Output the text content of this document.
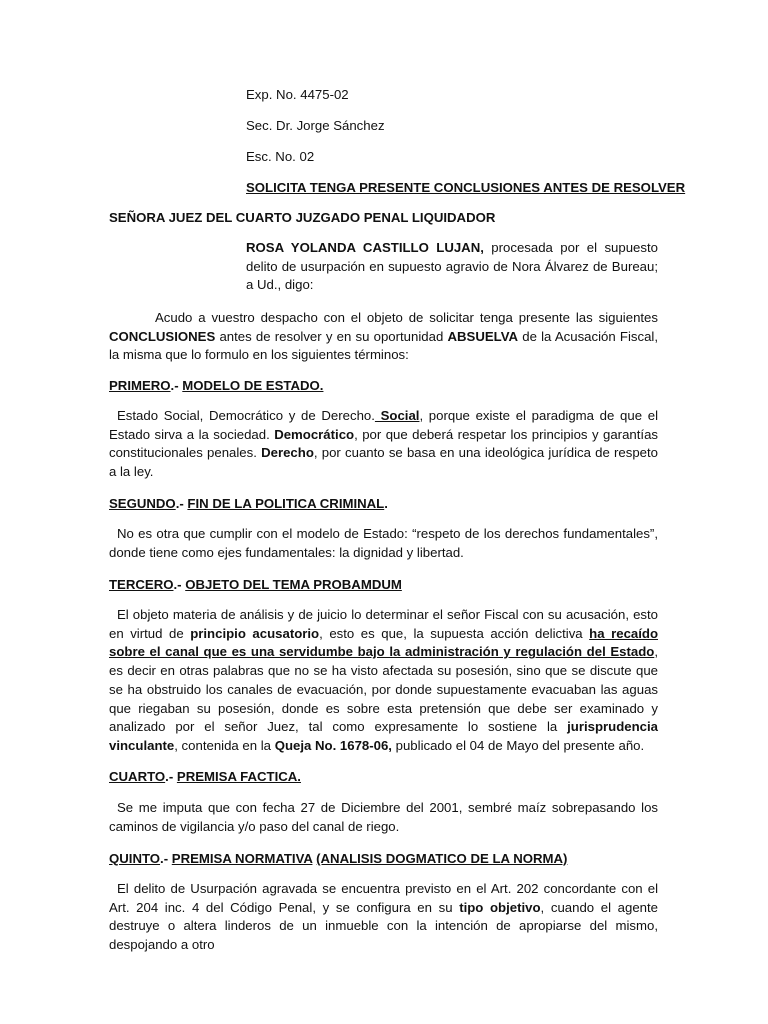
Exp. No. 4475-02
Sec. Dr. Jorge Sánchez
Esc. No. 02
SOLICITA TENGA PRESENTE CONCLUSIONES ANTES DE RESOLVER
SEÑORA JUEZ DEL CUARTO JUZGADO PENAL LIQUIDADOR
ROSA YOLANDA CASTILLO LUJAN, procesada por el supuesto delito de usurpación en supuesto agravio de Nora Álvarez de Bureau; a Ud., digo:
Acudo a vuestro despacho con el objeto de solicitar tenga presente las siguientes CONCLUSIONES antes de resolver y en su oportunidad ABSUELVA de la Acusación Fiscal, la misma que lo formulo en los siguientes términos:
PRIMERO.- MODELO DE ESTADO.
Estado Social, Democrático y de Derecho. Social, porque existe el paradigma de que el Estado sirva a la sociedad. Democrático, por que deberá respetar los principios y garantías constitucionales penales. Derecho, por cuanto se basa en una ideológica jurídica de respeto a la ley.
SEGUNDO.- FIN DE LA POLITICA CRIMINAL.
No es otra que cumplir con el modelo de Estado: “respeto de los derechos fundamentales”, donde tiene como ejes fundamentales: la dignidad y libertad.
TERCERO.- OBJETO DEL TEMA PROBAMDUM
El objeto materia de análisis y de juicio lo determinar el señor Fiscal con su acusación, esto en virtud de principio acusatorio, esto es que, la supuesta acción delictiva ha recaído sobre el canal que es una servidumbe bajo la administración y regulación del Estado, es decir en otras palabras que no se ha visto afectada su posesión, sino que se discute que se ha obstruido los canales de evacuación, por donde supuestamente evacuaban las aguas que riegaban su posesión, donde es sobre esta pretensión que debe ser examinado y analizado por el señor Juez, tal como expresamente lo sostiene la jurisprudencia vinculante, contenida en la Queja No. 1678-06, publicado el 04 de Mayo del presente año.
CUARTO.- PREMISA FACTICA.
Se me imputa que con fecha 27 de Diciembre del 2001, sembré maíz sobrepasando los caminos de vigilancia y/o paso del canal de riego.
QUINTO.- PREMISA NORMATIVA (ANALISIS DOGMATICO DE LA NORMA)
El delito de Usurpación agravada se encuentra previsto en el Art. 202 concordante con el Art. 204 inc. 4 del Código Penal, y se configura en su tipo objetivo, cuando el agente destruye o altera linderos de un inmueble con la intención de apropiarse del mismo, despojando a otro
